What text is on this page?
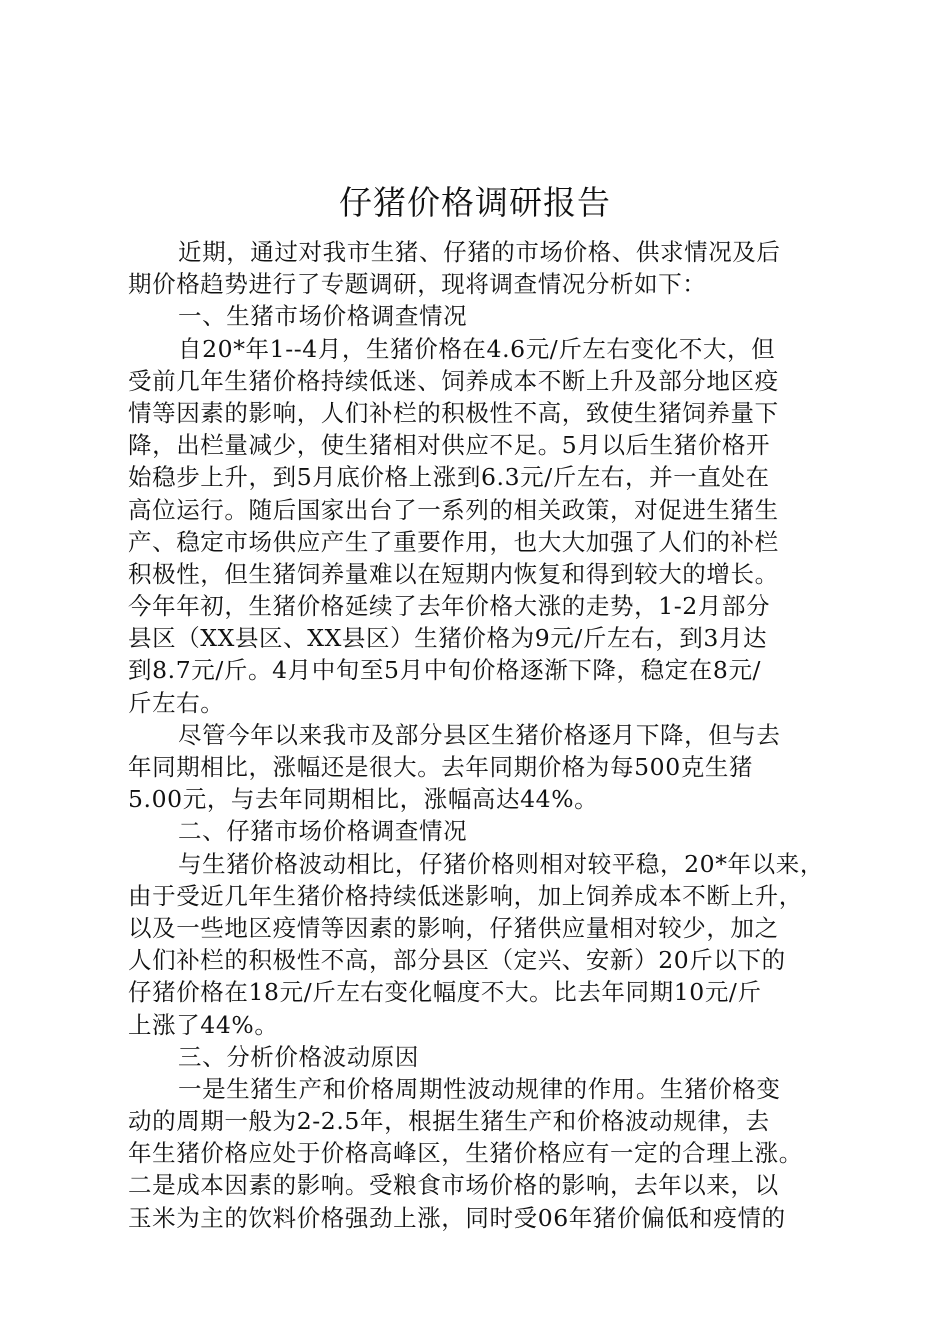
仔猪价格调研报告
近期，通过对我市生猪、仔猪的市场价格、供求情况及后
期价格趋势进行了专题调研，现将调查情况分析如下：
一、生猪市场价格调查情况
自20*年1--4月，生猪价格在4.6元/斤左右变化不大，但
受前几年生猪价格持续低迷、饲养成本不断上升及部分地区疫
情等因素的影响，人们补栏的积极性不高，致使生猪饲养量下
降，出栏量减少，使生猪相对供应不足。5月以后生猪价格开
始稳步上升，到5月底价格上涨到6.3元/斤左右，并一直处在
高位运行。随后国家出台了一系列的相关政策，对促进生猪生
产、稳定市场供应产生了重要作用，也大大加强了人们的补栏
积极性，但生猪饲养量难以在短期内恢复和得到较大的增长。
今年年初，生猪价格延续了去年价格大涨的走势，1-2月部分
县区（XX县区、XX县区）生猪价格为9元/斤左右，到3月达
到8.7元/斤。4月中旬至5月中旬价格逐渐下降，稳定在8元/
斤左右。
尽管今年以来我市及部分县区生猪价格逐月下降，但与去
年同期相比，涨幅还是很大。去年同期价格为每500克生猪
5.00元，与去年同期相比，涨幅高达44%。
二、仔猪市场价格调查情况
与生猪价格波动相比，仔猪价格则相对较平稳，20*年以来，
由于受近几年生猪价格持续低迷影响，加上饲养成本不断上升，
以及一些地区疫情等因素的影响，仔猪供应量相对较少，加之
人们补栏的积极性不高，部分县区（定兴、安新）20斤以下的
仔猪价格在18元/斤左右变化幅度不大。比去年同期10元/斤
上涨了44%。
三、分析价格波动原因
一是生猪生产和价格周期性波动规律的作用。生猪价格变
动的周期一般为2-2.5年，根据生猪生产和价格波动规律，去
年生猪价格应处于价格高峰区，生猪价格应有一定的合理上涨。
二是成本因素的影响。受粮食市场价格的影响，去年以来，以
玉米为主的饮料价格强劲上涨，同时受06年猪价偏低和疫情的
